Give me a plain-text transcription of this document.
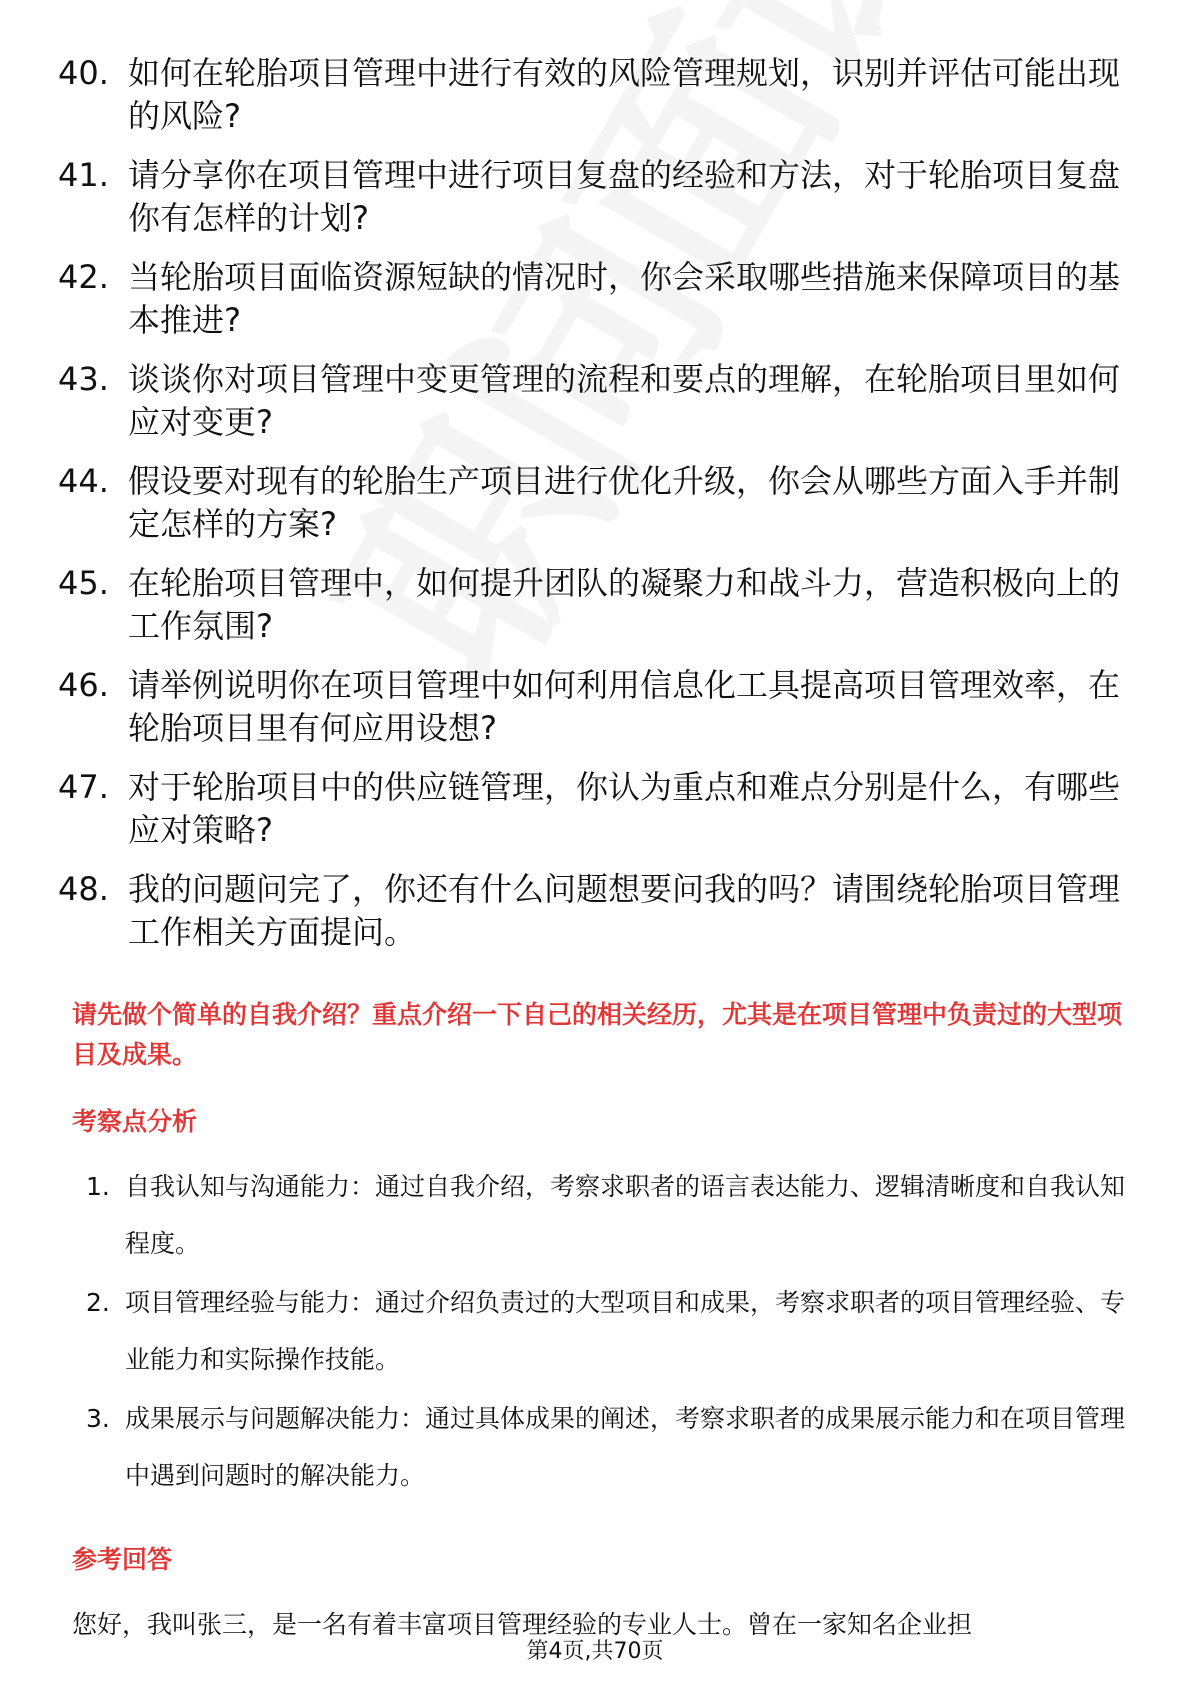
40. 如何在轮胎项目管理中进行有效的风险管理规划，识别并评估可能出现的风险?
41. 请分享你在项目管理中进行项目复盘的经验和方法，对于轮胎项目复盘你有怎样的计划?
42. 当轮胎项目面临资源短缺的情况时，你会采取哪些措施来保障项目的基本推进?
43. 谈谈你对项目管理中变更管理的流程和要点的理解，在轮胎项目里如何应对变更?
44. 假设要对现有的轮胎生产项目进行优化升级，你会从哪些方面入手并制定怎样的方案?
45. 在轮胎项目管理中，如何提升团队的凝聚力和战斗力，营造积极向上的工作氛围?
46. 请举例说明你在项目管理中如何利用信息化工具提高项目管理效率，在轮胎项目里有何应用设想?
47. 对于轮胎项目中的供应链管理，你认为重点和难点分别是什么，有哪些应对策略?
48. 我的问题问完了，你还有什么问题想要问我的吗？请围绕轮胎项目管理工作相关方面提问。
请先做个简单的自我介绍？重点介绍一下自己的相关经历，尤其是在项目管理中负责过的大型项目及成果。
考察点分析
1. 自我认知与沟通能力：通过自我介绍，考察求职者的语言表达能力、逻辑清晰度和自我认知程度。
2. 项目管理经验与能力：通过介绍负责过的大型项目和成果，考察求职者的项目管理经验、专业能力和实际操作技能。
3. 成果展示与问题解决能力：通过具体成果的阐述，考察求职者的成果展示能力和在项目管理中遇到问题时的解决能力。
参考回答
您好，我叫张三，是一名有着丰富项目管理经验的专业人士。曾在一家知名企业担
第4页,共70页
